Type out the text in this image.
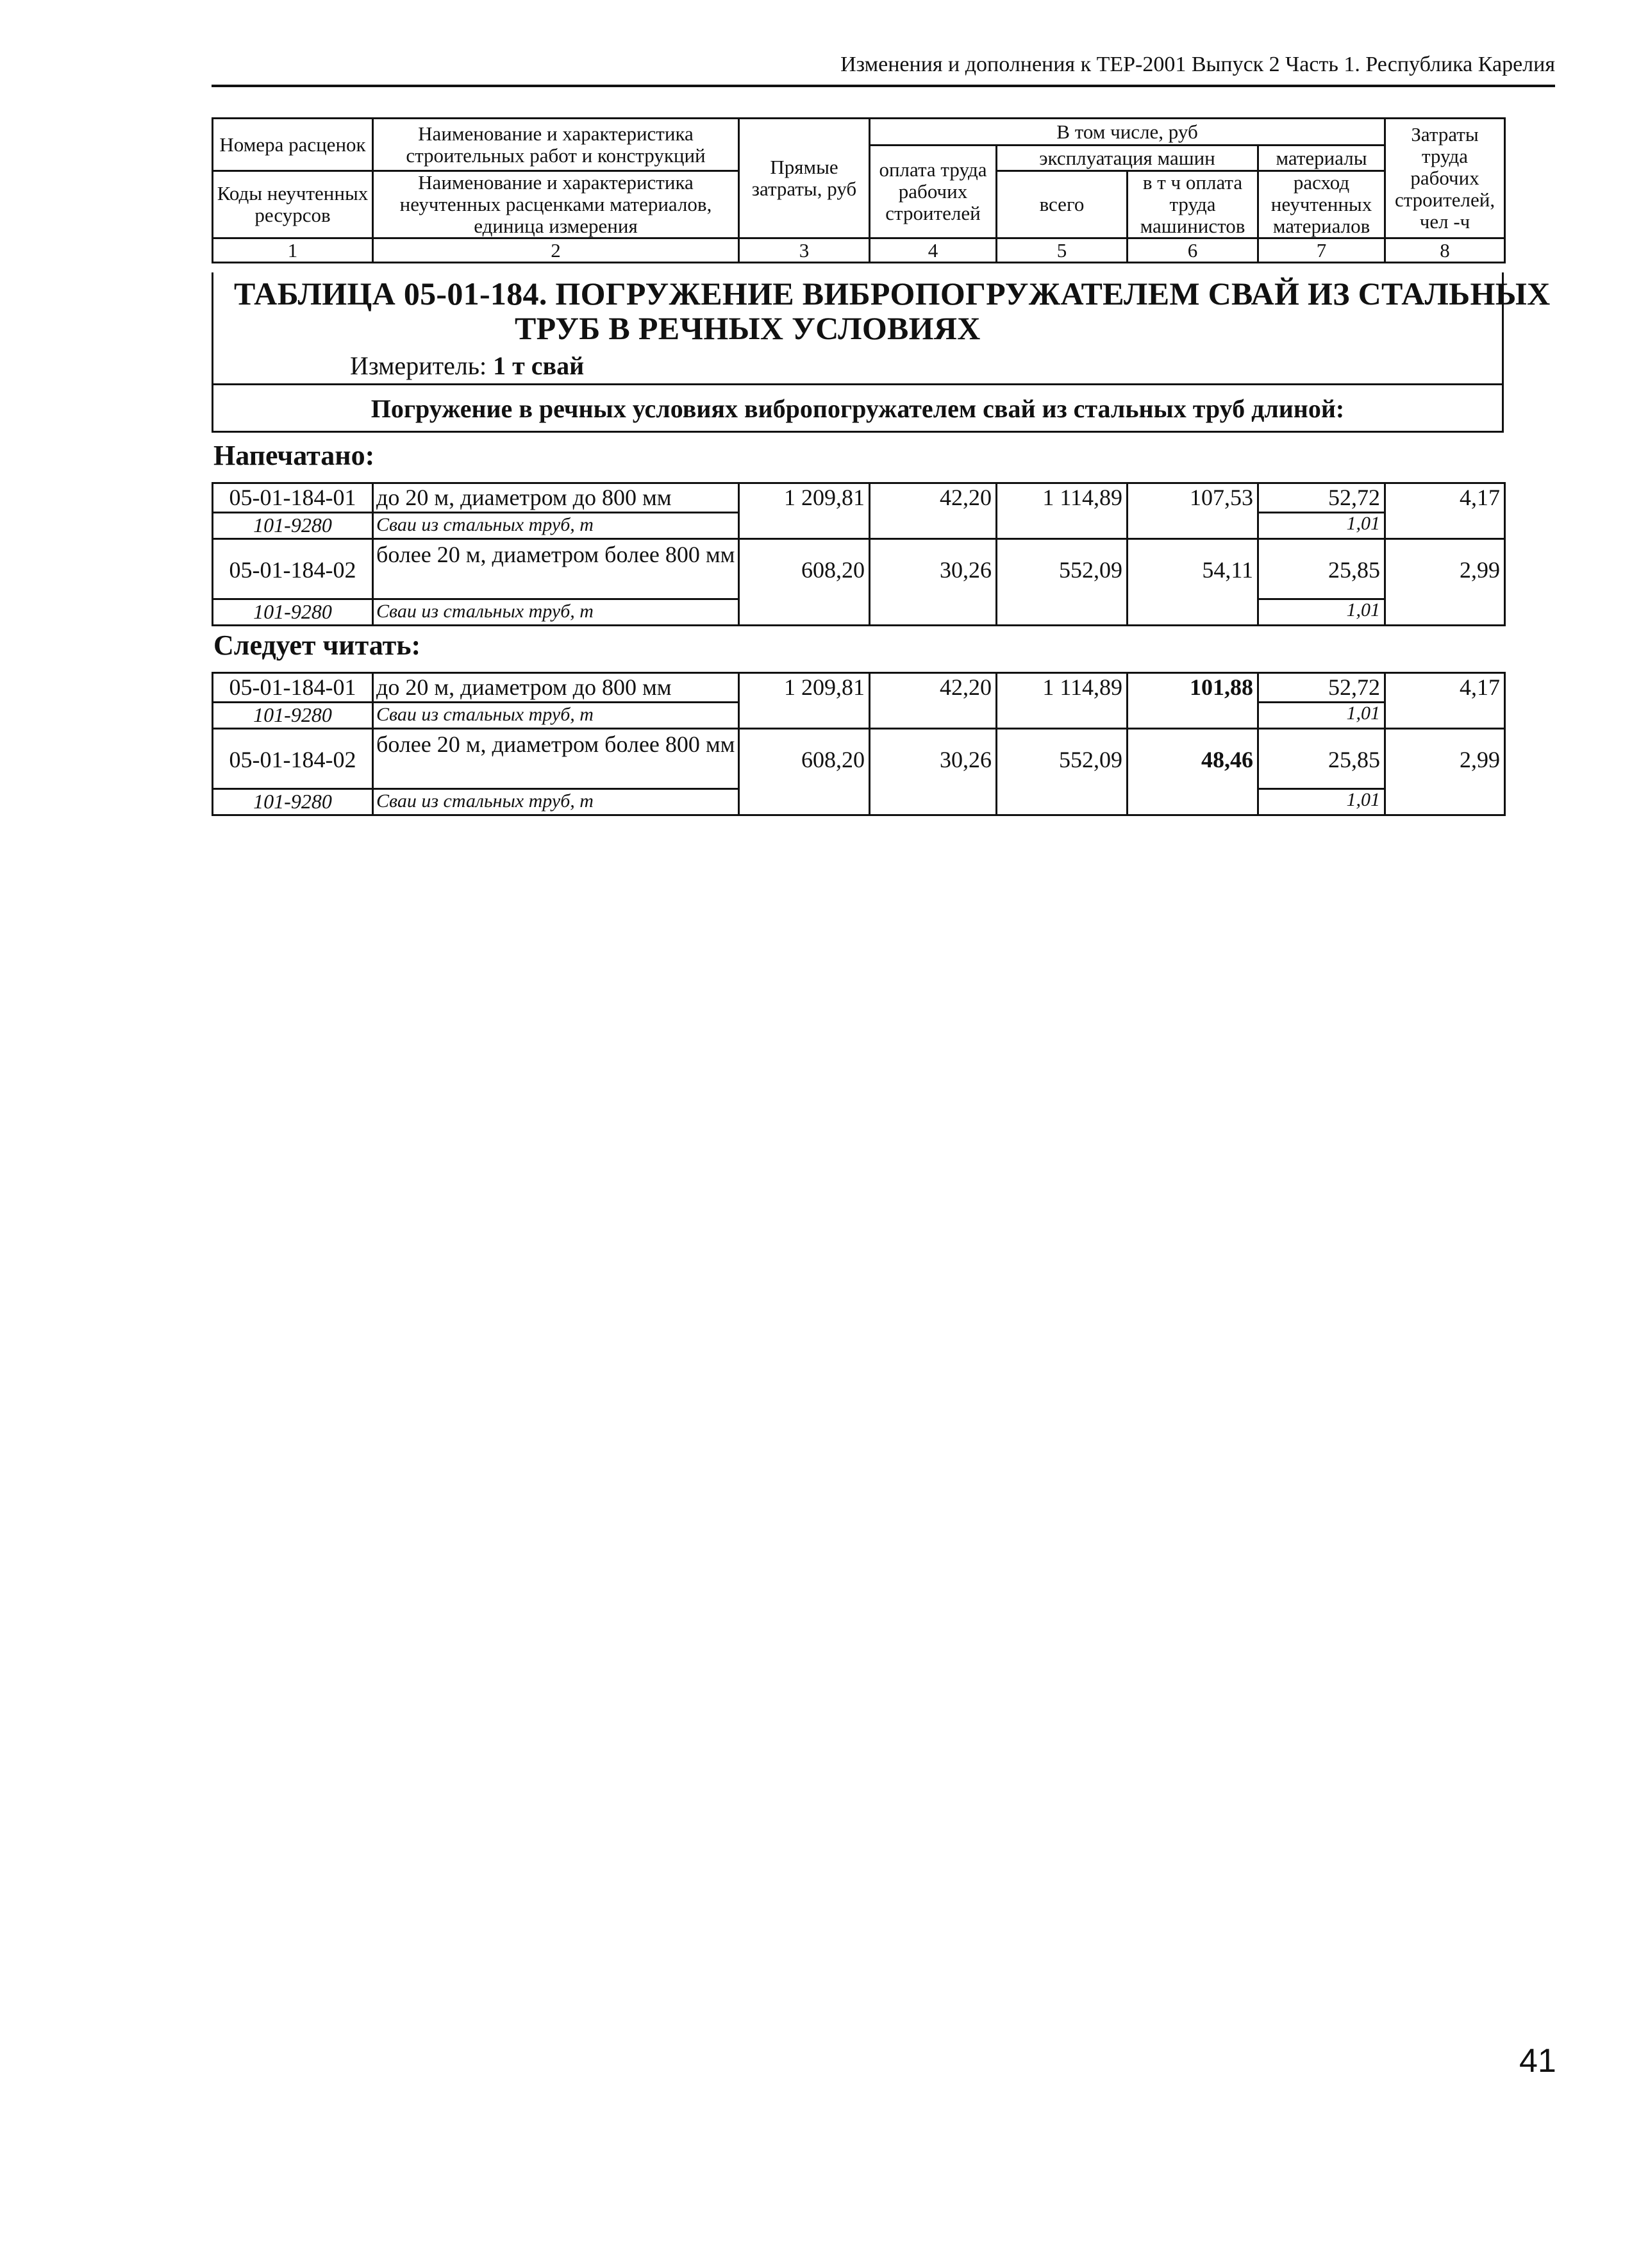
Изменения и дополнения к ТЕР-2001 Выпуск 2 Часть 1. Республика Карелия
Номера расценок	Наименование и характеристика строительных работ и конструкций	Прямые затраты, руб	В том числе, руб				Затраты труда рабочих строителей, чел -ч
			оплата труда рабочих строителей	эксплуатация машин		материалы	
Коды неучтенных ресурсов	Наименование и характеристика неучтенных расценками материалов, единица измерения			всего	в т ч оплата труда машинистов	расход неучтенных материалов	

1	2	3	4	5	6	7	8
ТАБЛИЦА 05-01-184. ПОГРУЖЕНИЕ ВИБРОПОГРУЖАТЕЛЕМ СВАЙ ИЗ СТАЛЬНЫХ
ТРУБ В РЕЧНЫХ УСЛОВИЯХ
Измеритель: 1 т свай
Погружение в речных условиях вибропогружателем свай из стальных труб длиной:
Напечатано:
05-01-184-01	до 20 м, диаметром до 800 мм	1 209,81	42,20	1 114,89	107,53	52,72	4,17
101-9280	Сваи из стальных труб, т					1,01	
05-01-184-02	более 20 м, диаметром более 800 мм	608,20	30,26	552,09	54,11	25,85	2,99
101-9280	Сваи из стальных труб, т					1,01	
Следует читать:
05-01-184-01	до 20 м, диаметром до 800 мм	1 209,81	42,20	1 114,89	101,88	52,72	4,17
101-9280	Сваи из стальных труб, т					1,01	
05-01-184-02	более 20 м, диаметром более 800 мм	608,20	30,26	552,09	48,46	25,85	2,99
101-9280	Сваи из стальных труб, т					1,01	
41
